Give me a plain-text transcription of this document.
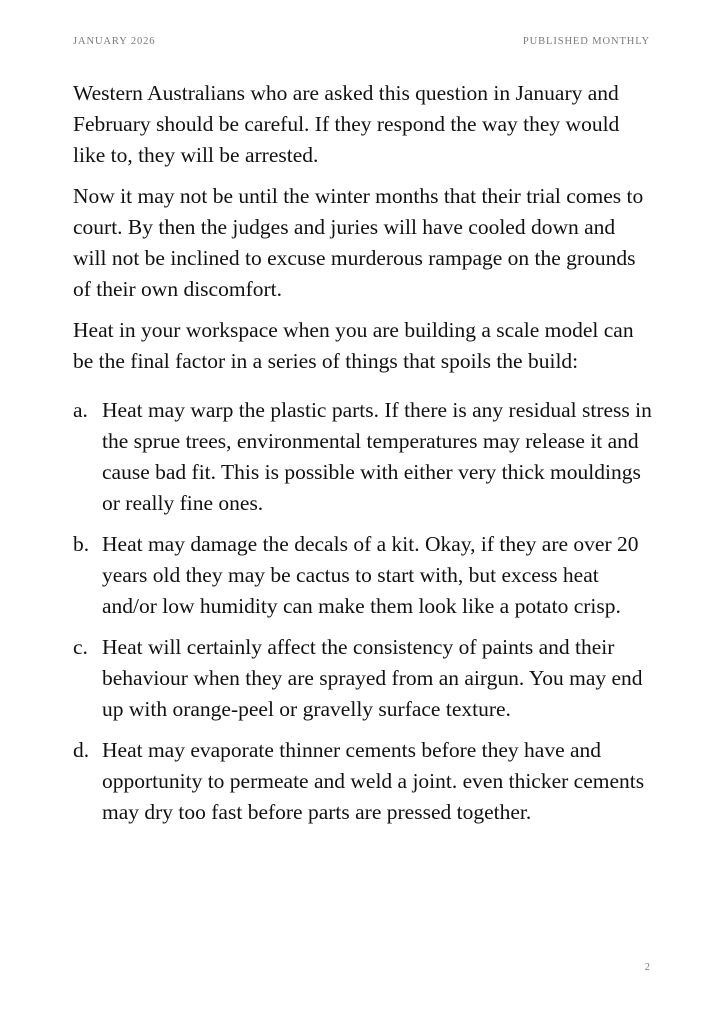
JANUARY 2026	PUBLISHED MONTHLY

Western Australians who are asked this question in January and February should be careful. If they respond the way they would like to, they will be arrested.

Now it may not be until the winter months that their trial comes to court. By then the judges and juries will have cooled down and will not be inclined to excuse murderous rampage on the grounds of their own discomfort.

Heat in your workspace when you are building a scale model can be the final factor in a series of things that spoils the build:

a. Heat may warp the plastic parts. If there is any residual stress in the sprue trees, environmental temperatures may release it and cause bad fit. This is possible with either very thick mouldings or really fine ones.
b. Heat may damage the decals of a kit. Okay, if they are over 20 years old they may be cactus to start with, but excess heat and/or low humidity can make them look like a potato crisp.
c. Heat will certainly affect the consistency of paints and their behaviour when they are sprayed from an airgun. You may end up with orange-peel or gravelly surface texture.
d. Heat may evaporate thinner cements before they have and opportunity to permeate and weld a joint. even thicker cements may dry too fast before parts are pressed together.
2
